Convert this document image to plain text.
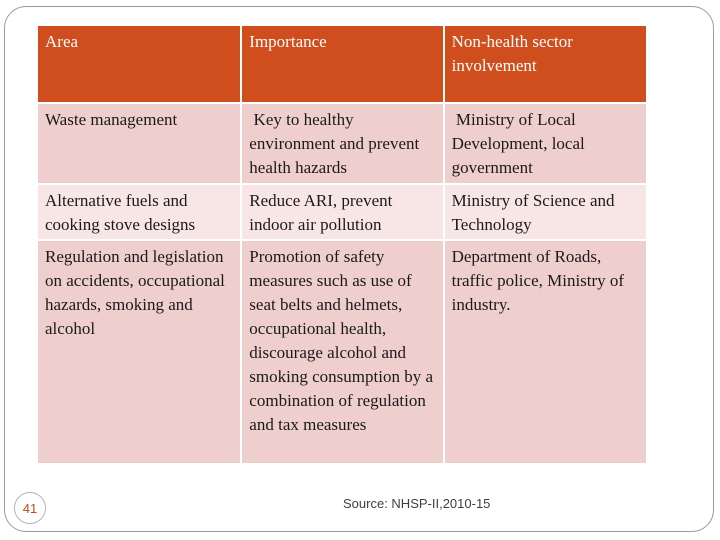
Area	Importance	Non-health sector involvement
Waste management	Key to healthy environment and prevent health hazards	Ministry of Local Development, local government
Alternative fuels and cooking stove designs	Reduce ARI, prevent indoor air pollution	Ministry of Science and Technology
Regulation and legislation on accidents, occupational hazards, smoking and alcohol	Promotion of safety measures such as use of seat belts and helmets, occupational health, discourage alcohol and smoking consumption by a combination of regulation and tax measures	Department of Roads, traffic police, Ministry of industry.
41	Source: NHSP-II,2010-15
